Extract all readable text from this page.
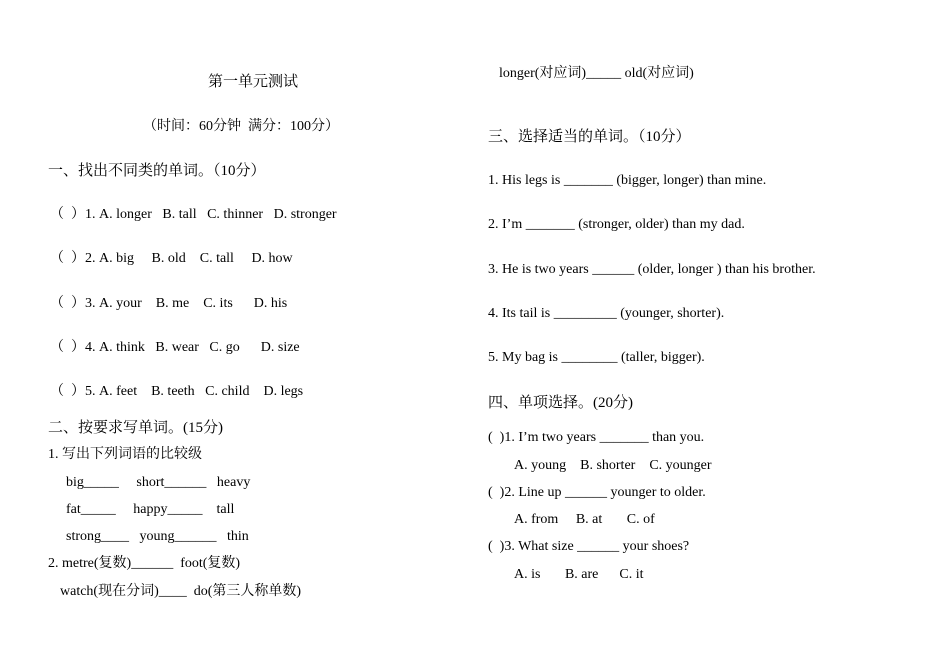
第一单元测试
（时间：60分钟  满分：100分）
一、找出不同类的单词。（10分）
（  ）1. A. longer   B. tall   C. thinner   D. stronger
（  ）2. A. big     B. old    C. tall     D. how
（  ）3. A. your    B. me    C. its      D. his
（  ）4. A. think   B. wear   C. go      D. size
（  ）5. A. feet    B. teeth   C. child    D. legs
二、按要求写单词。(15分)
1. 写出下列词语的比较级
big_____     short______   heavy
fat_____     happy_____    tall
strong____   young______   thin
2. metre(复数)______  foot(复数)
watch(现在分词)____  do(第三人称单数)
longer(对应词)_____ old(对应词)
三、选择适当的单词。（10分）
1. His legs is _______ (bigger, longer) than mine.
2. I’m _______ (stronger, older) than my dad.
3. He is two years ______ (older, longer ) than his brother.
4. Its tail is _________ (younger, shorter).
5. My bag is ________ (taller, bigger).
四、单项选择。(20分)
(  )1. I’m two years _______ than you.
A. young    B. shorter    C. younger
(  )2. Line up ______ younger to older.
A. from     B. at       C. of
(  )3. What size ______ your shoes?
A. is       B. are      C. it
